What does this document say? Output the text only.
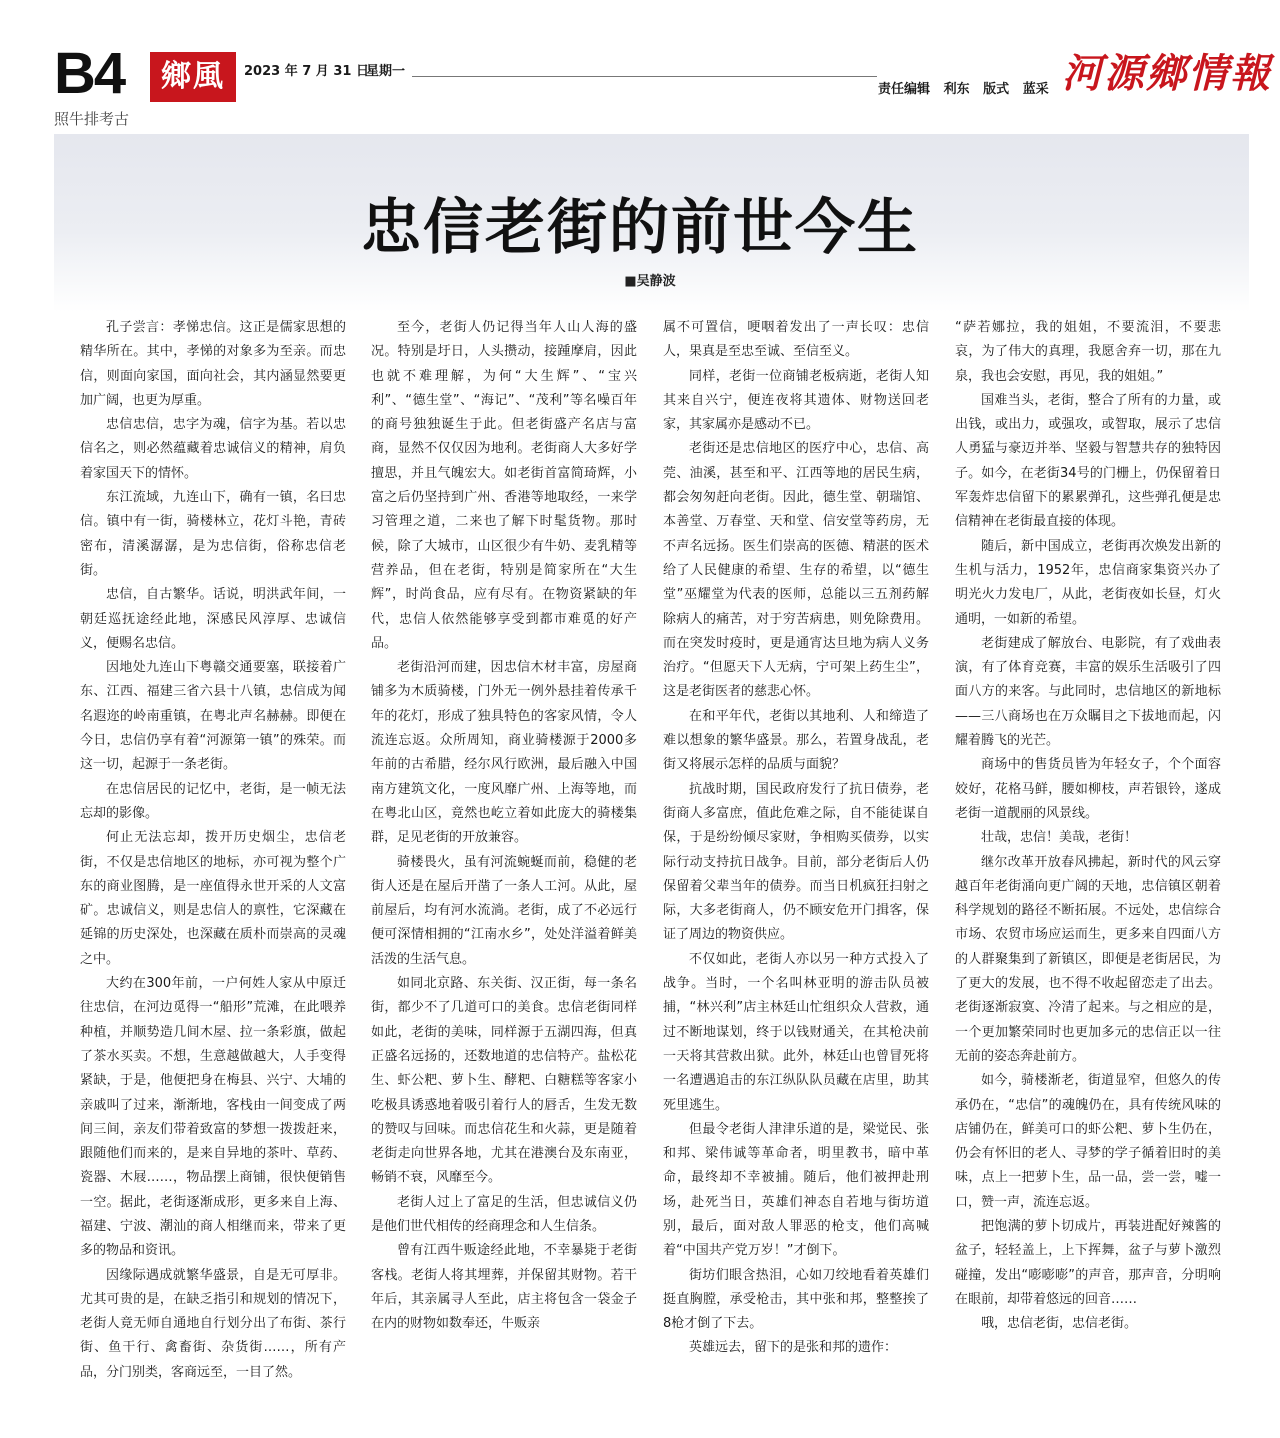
B4	鄉風	2023 年 7 月 31 日
星期一
责任编辑   利东   版式   蓝采 河源鄉情報
照牛排考古
忠信老街的前世今生
■吴静波

孔子尝言：孝悌忠信。这正是儒家思想的精华所在。其中，孝悌的对象多为至亲。而忠信，则面向家国，面向社会，其内涵显然要更加广阔，也更为厚重。

忠信忠信，忠字为魂，信字为基。若以忠信名之，则必然蕴藏着忠诚信义的精神，肩负着家国天下的情怀。

东江流域，九连山下，确有一镇，名曰忠信。镇中有一街，骑楼林立，花灯斗艳，青砖密布，清溪潺潺，是为忠信街，俗称忠信老街。

忠信，自古繁华。话说，明洪武年间，一朝廷巡抚途经此地，深感民风淳厚、忠诚信义，便赐名忠信。

因地处九连山下粤赣交通要塞，联接着广东、江西、福建三省六县十八镇，忠信成为闻名遐迩的岭南重镇，在粤北声名赫赫。即便在今日，忠信仍享有着“河源第一镇”的殊荣。而这一切，起源于一条老街。

在忠信居民的记忆中，老街，是一帧无法忘却的影像。

何止无法忘却，拨开历史烟尘，忠信老街，不仅是忠信地区的地标，亦可视为整个广东的商业图腾，是一座值得永世开采的人文富矿。忠诚信义，则是忠信人的禀性，它深藏在延锦的历史深处，也深藏在质朴而崇高的灵魂之中。

大约在300年前，一户何姓人家从中原迁往忠信，在河边觅得一“船形”荒滩，在此喂养种植，并顺势造几间木屋、拉一条彩旗，做起了茶水买卖。不想，生意越做越大，人手变得紧缺，于是，他便把身在梅县、兴宁、大埔的亲戚叫了过来，渐渐地，客栈由一间变成了两间三间，亲友们带着致富的梦想一拨拨赶来，跟随他们而来的，是来自异地的茶叶、草药、瓷器、木屐……，物品摆上商铺，很快便销售一空。据此，老街逐渐成形，更多来自上海、福建、宁波、潮汕的商人相继而来，带来了更多的物品和资讯。

因缘际遇成就繁华盛景，自是无可厚非。尤其可贵的是，在缺乏指引和规划的情况下，老街人竟无师自通地自行划分出了布街、茶行街、鱼干行、禽畜街、杂货街……，所有产品，分门别类，客商远至，一目了然。

至今，老街人仍记得当年人山人海的盛况。特别是圩日，人头攒动，接踵摩肩，因此也就不难理解，为何“大生辉”、“宝兴利”、“德生堂”、“海记”、“茂利”等名噪百年的商号独独诞生于此。但老街盛产名店与富商，显然不仅仅因为地利。老街商人大多好学擅思，并且气魄宏大。如老街首富简琦辉，小富之后仍坚持到广州、香港等地取经，一来学习管理之道，二来也了解下时髦货物。那时候，除了大城市，山区很少有牛奶、麦乳精等营养品，但在老街，特别是简家所在“大生辉”，时尚食品，应有尽有。在物资紧缺的年代，忠信人依然能够享受到都市难觅的好产品。

老街沿河而建，因忠信木材丰富，房屋商铺多为木质骑楼，门外无一例外悬挂着传承千年的花灯，形成了独具特色的客家风情，令人流连忘返。众所周知，商业骑楼源于2000多年前的古希腊，经尔风行欧洲，最后融入中国南方建筑文化，一度风靡广州、上海等地，而在粤北山区，竟然也屹立着如此庞大的骑楼集群，足见老街的开放兼容。

骑楼畏火，虽有河流蜿蜒而前，稳健的老街人还是在屋后开凿了一条人工河。从此，屋前屋后，均有河水流淌。老街，成了不必远行便可深情相拥的“江南水乡”，处处洋溢着鲜美活泼的生活气息。

如同北京路、东关街、汉正街，每一条名街，都少不了几道可口的美食。忠信老街同样如此，老街的美味，同样源于五湖四海，但真正盛名远扬的，还数地道的忠信特产。盐松花生、虾公粑、萝卜生、酵粑、白糖糕等客家小吃极具诱惑地着吸引着行人的唇舌，生发无数的赞叹与回味。而忠信花生和火蒜，更是随着老街走向世界各地，尤其在港澳台及东南亚，畅销不衰，风靡至今。

老街人过上了富足的生活，但忠诚信义仍是他们世代相传的经商理念和人生信条。

曾有江西牛贩途经此地，不幸暴毙于老街客栈。老街人将其埋葬，并保留其财物。若干年后，其亲属寻人至此，店主将包含一袋金子在内的财物如数奉还，牛贩亲

属不可置信，哽咽着发出了一声长叹：忠信人，果真是至忠至诚、至信至义。

同样，老街一位商铺老板病逝，老街人知其来自兴宁，便连夜将其遗体、财物送回老家，其家属亦是感动不已。

老街还是忠信地区的医疗中心，忠信、高莞、油溪，甚至和平、江西等地的居民生病，都会匆匆赶向老街。因此，德生堂、朝瑞馆、本善堂、万春堂、天和堂、信安堂等药房，无不声名远扬。医生们崇高的医德、精湛的医术给了人民健康的希望、生存的希望，以“德生堂”巫耀堂为代表的医师，总能以三五剂药解除病人的痛苦，对于穷苦病患，则免除费用。而在突发时疫时，更是通宵达旦地为病人义务治疗。“但愿天下人无病，宁可架上药生尘”，这是老街医者的慈悲心怀。

在和平年代，老街以其地利、人和缔造了难以想象的繁华盛景。那么，若置身战乱，老街又将展示怎样的品质与面貌？

抗战时期，国民政府发行了抗日债券，老街商人多富庶，值此危难之际，自不能徒谋自保，于是纷纷倾尽家财，争相购买债券，以实际行动支持抗日战争。目前，部分老街后人仍保留着父辈当年的债券。而当日机疯狂扫射之际，大多老街商人，仍不顾安危开门揖客，保证了周边的物资供应。

不仅如此，老街人亦以另一种方式投入了战争。当时，一个名叫林亚明的游击队员被捕，“林兴利”店主林廷山忙组织众人营救，通过不断地谋划，终于以钱财通关，在其枪决前一天将其营救出狱。此外，林廷山也曾冒死将一名遭遇追击的东江纵队队员藏在店里，助其死里逃生。

但最令老街人津津乐道的是，梁觉民、张和邦、梁伟诚等革命者，明里教书，暗中革命，最终却不幸被捕。随后，他们被押赴刑场，赴死当日，英雄们神态自若地与街坊道别，最后，面对敌人罪恶的枪支，他们高喊着“中国共产党万岁！”才倒下。

街坊们眼含热泪，心如刀绞地看着英雄们挺直胸膛，承受枪击，其中张和邦，整整挨了8枪才倒了下去。

英雄远去，留下的是张和邦的遗作：

“萨若娜拉，我的姐姐，不要流泪，不要悲哀，为了伟大的真理，我愿舍弃一切，那在九泉，我也会安慰，再见，我的姐姐。”

国难当头，老街，整合了所有的力量，或出钱，或出力，或强攻，或智取，展示了忠信人勇猛与豪迈并举、坚毅与智慧共存的独特因子。如今，在老街34号的门栅上，仍保留着日军轰炸忠信留下的累累弹孔，这些弹孔便是忠信精神在老街最直接的体现。

随后，新中国成立，老街再次焕发出新的生机与活力，1952年，忠信商家集资兴办了明光火力发电厂，从此，老街夜如长昼，灯火通明，一如新的希望。

老街建成了解放台、电影院，有了戏曲表演，有了体育竞赛，丰富的娱乐生活吸引了四面八方的来客。与此同时，忠信地区的新地标——三八商场也在万众瞩目之下拔地而起，闪耀着腾飞的光芒。

商场中的售货员皆为年轻女子，个个面容姣好，花格马鲜，腰如柳枝，声若银铃，遂成老街一道靓丽的风景线。

壮哉，忠信！美哉，老街！

继尔改革开放春风拂起，新时代的风云穿越百年老街涌向更广阔的天地，忠信镇区朝着科学规划的路径不断拓展。不远处，忠信综合市场、农贸市场应运而生，更多来自四面八方的人群聚集到了新镇区，即便是老街居民，为了更大的发展，也不得不收起留恋走了出去。老街逐渐寂寞、冷清了起来。与之相应的是，一个更加繁荣同时也更加多元的忠信正以一往无前的姿态奔赴前方。

如今，骑楼渐老，街道显窄，但悠久的传承仍在，“忠信”的魂魄仍在，具有传统风味的店铺仍在，鲜美可口的虾公粑、萝卜生仍在，仍会有怀旧的老人、寻梦的学子循着旧时的美味，点上一把萝卜生，品一品，尝一尝，嘘一口，赞一声，流连忘返。

把饱满的萝卜切成片，再装进配好辣酱的盆子，轻轻盖上，上下挥舞，盆子与萝卜激烈碰撞，发出“嘭嘭嘭”的声音，那声音，分明响在眼前，却带着悠远的回音……

哦，忠信老街，忠信老街。
